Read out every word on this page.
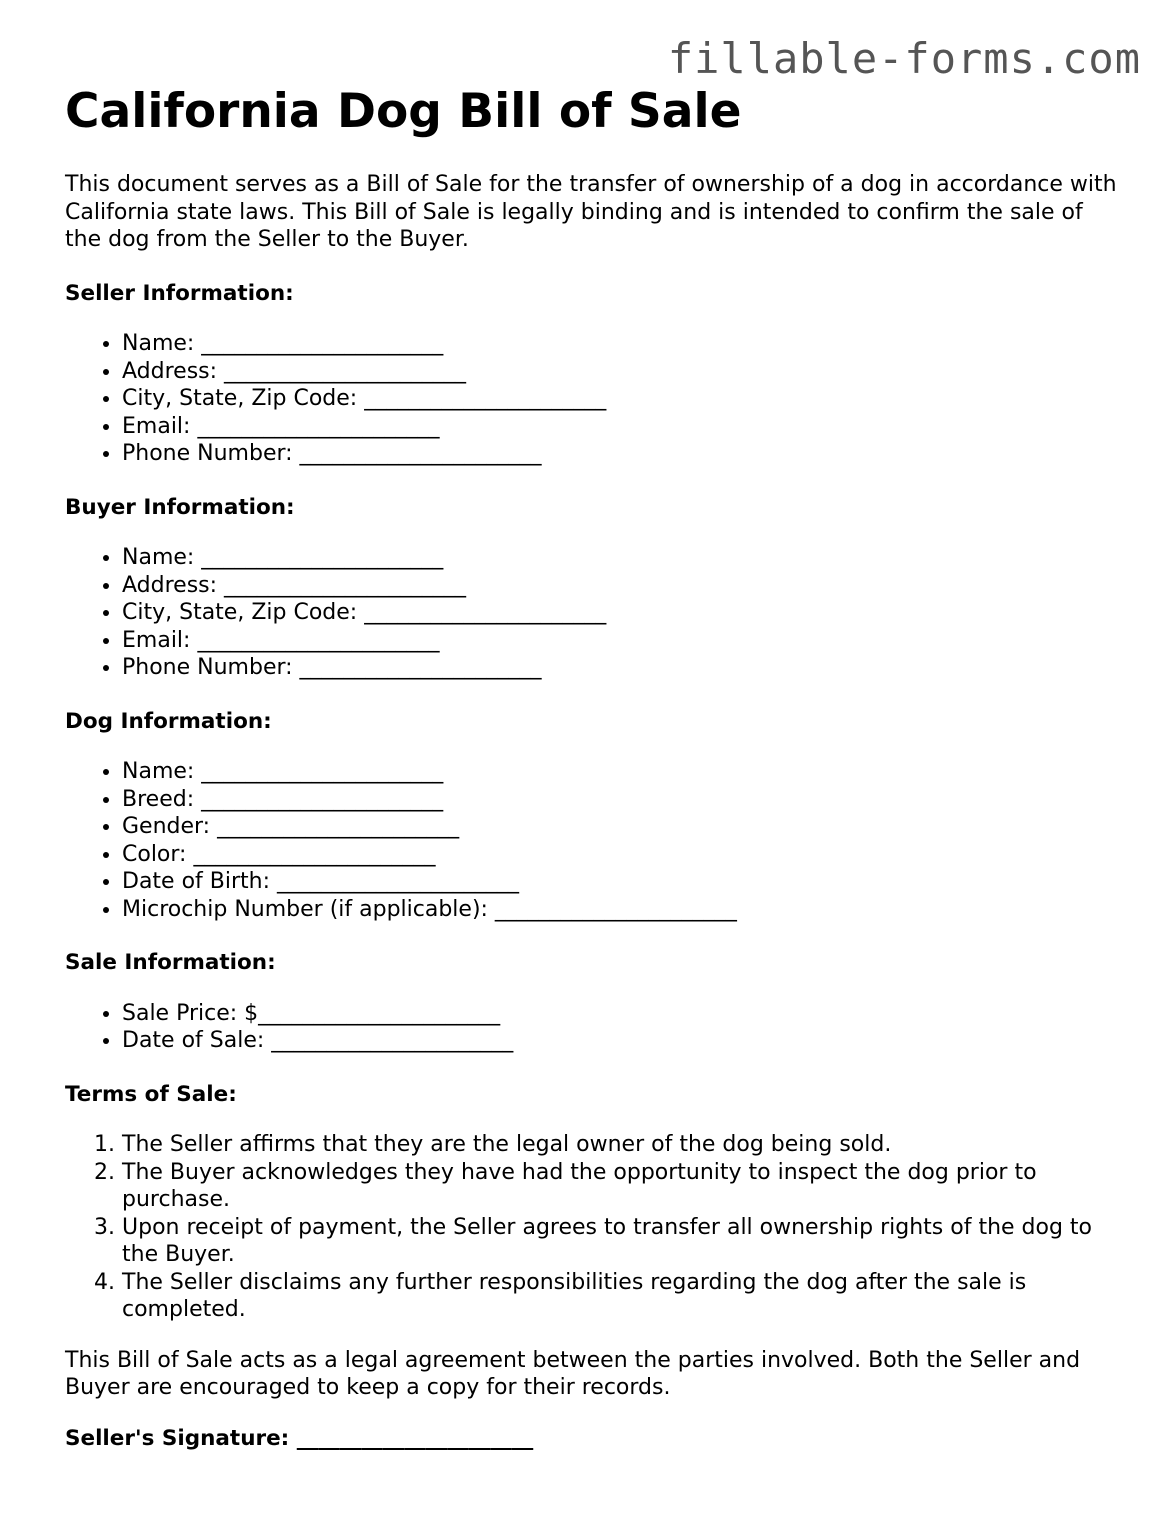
fillable-forms.com
California Dog Bill of Sale

This document serves as a Bill of Sale for the transfer of ownership of a dog in accordance with California state laws. This Bill of Sale is legally binding and is intended to confirm the sale of the dog from the Seller to the Buyer.

Seller Information:
• Name: ______________________
• Address: ______________________
• City, State, Zip Code: ______________________
• Email: ______________________
• Phone Number: ______________________
Buyer Information:
• Name: ______________________
• Address: ______________________
• City, State, Zip Code: ______________________
• Email: ______________________
• Phone Number: ______________________
Dog Information:
• Name: ______________________
• Breed: ______________________
• Gender: ______________________
• Color: ______________________
• Date of Birth: ______________________
• Microchip Number (if applicable): ______________________
Sale Information:
• Sale Price: $______________________
• Date of Sale: ______________________
Terms of Sale:
1. The Seller affirms that they are the legal owner of the dog being sold.
2. The Buyer acknowledges they have had the opportunity to inspect the dog prior to purchase.
3. Upon receipt of payment, the Seller agrees to transfer all ownership rights of the dog to the Buyer.
4. The Seller disclaims any further responsibilities regarding the dog after the sale is completed.

This Bill of Sale acts as a legal agreement between the parties involved. Both the Seller and Buyer are encouraged to keep a copy for their records.

Seller's Signature: ______________________
